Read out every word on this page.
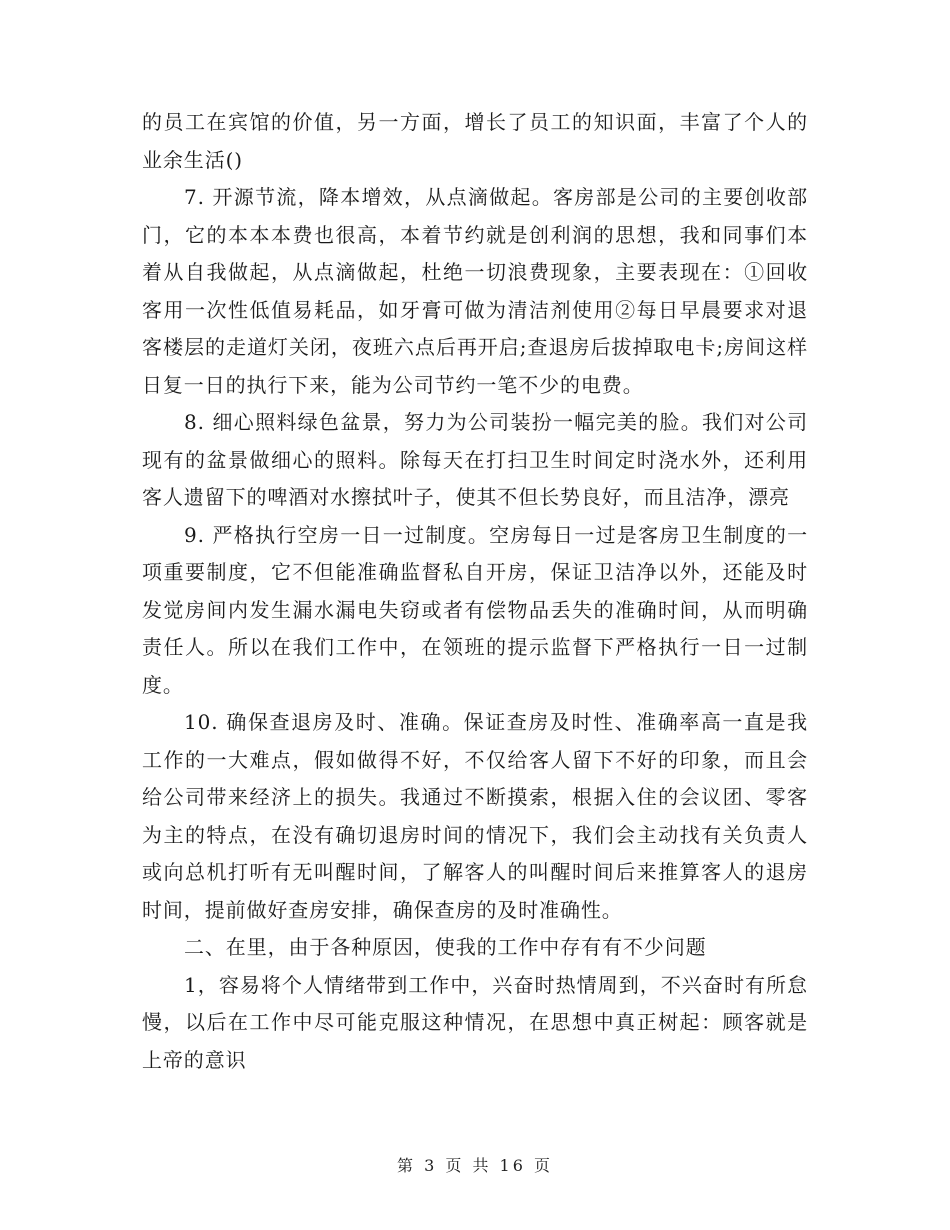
的员工在宾馆的价值，另一方面，增长了员工的知识面，丰富了个人的业余生活()

7. 开源节流，降本增效，从点滴做起。客房部是公司的主要创收部门，它的本本本费也很高，本着节约就是创利润的思想，我和同事们本着从自我做起，从点滴做起，杜绝一切浪费现象，主要表现在：①回收客用一次性低值易耗品，如牙膏可做为清洁剂使用②每日早晨要求对退客楼层的走道灯关闭，夜班六点后再开启;查退房后拔掉取电卡;房间这样日复一日的执行下来，能为公司节约一笔不少的电费。

8. 细心照料绿色盆景，努力为公司装扮一幅完美的脸。我们对公司现有的盆景做细心的照料。除每天在打扫卫生时间定时浇水外，还利用客人遗留下的啤酒对水擦拭叶子，使其不但长势良好，而且洁净，漂亮

9. 严格执行空房一日一过制度。空房每日一过是客房卫生制度的一项重要制度，它不但能准确监督私自开房，保证卫洁净以外，还能及时发觉房间内发生漏水漏电失窃或者有偿物品丢失的准确时间，从而明确责任人。所以在我们工作中，在领班的提示监督下严格执行一日一过制度。

10. 确保查退房及时、准确。保证查房及时性、准确率高一直是我工作的一大难点，假如做得不好，不仅给客人留下不好的印象，而且会给公司带来经济上的损失。我通过不断摸索，根据入住的会议团、零客为主的特点，在没有确切退房时间的情况下，我们会主动找有关负责人或向总机打听有无叫醒时间，了解客人的叫醒时间后来推算客人的退房时间，提前做好查房安排，确保查房的及时准确性。

二、在里，由于各种原因，使我的工作中存有有不少问题

1，容易将个人情绪带到工作中，兴奋时热情周到，不兴奋时有所怠慢，以后在工作中尽可能克服这种情况，在思想中真正树起：顾客就是上帝的意识

第 3 页 共 16 页
